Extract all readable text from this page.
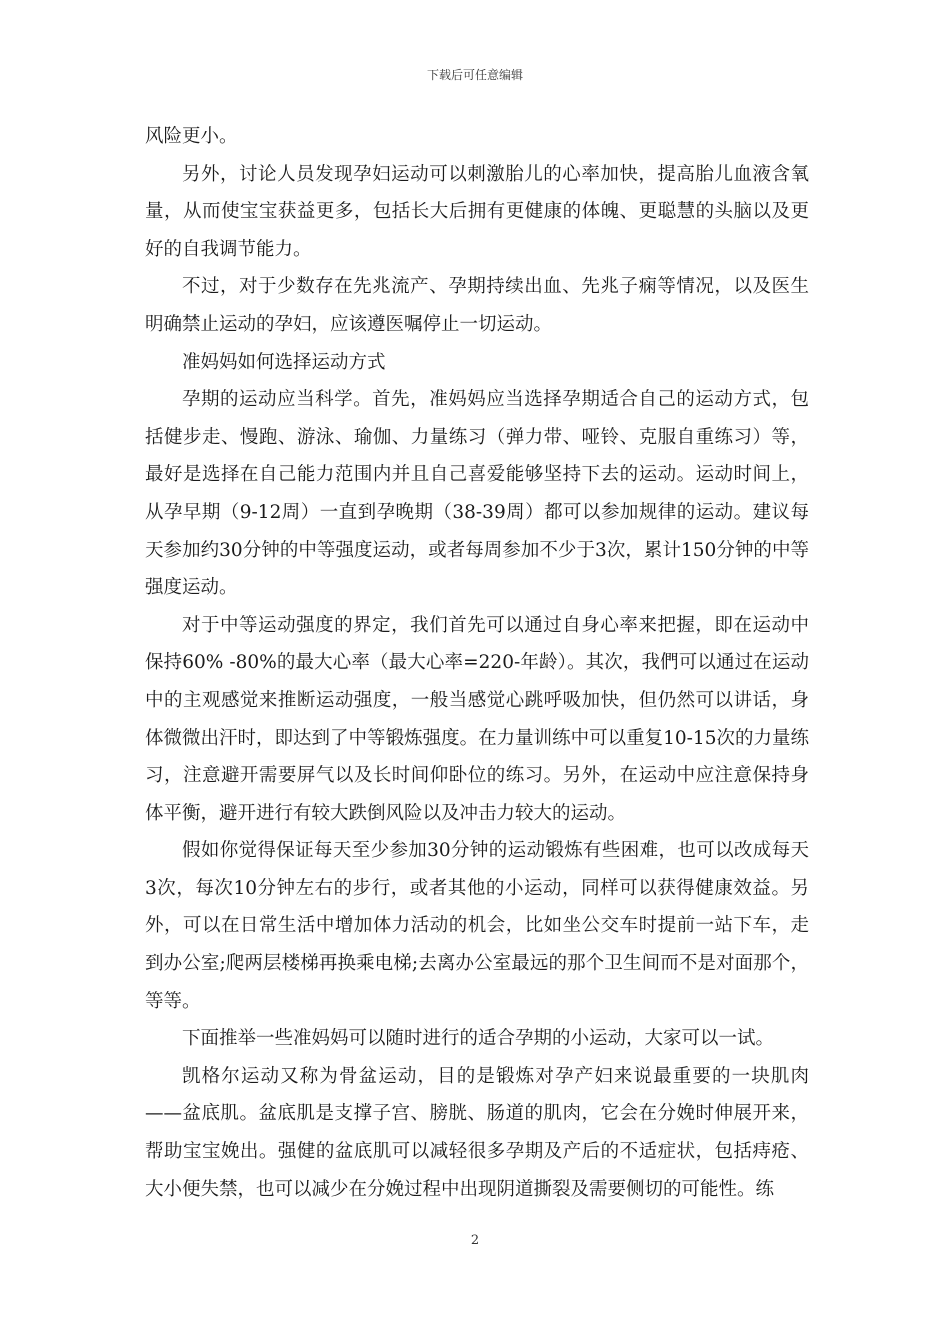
下载后可任意编辑

风险更小。

另外，讨论人员发现孕妇运动可以刺激胎儿的心率加快，提高胎儿血液含氧量，从而使宝宝获益更多，包括长大后拥有更健康的体魄、更聪慧的头脑以及更好的自我调节能力。

不过，对于少数存在先兆流产、孕期持续出血、先兆子痫等情况，以及医生明确禁止运动的孕妇，应该遵医嘱停止一切运动。

准妈妈如何选择运动方式

孕期的运动应当科学。首先，准妈妈应当选择孕期适合自己的运动方式，包括健步走、慢跑、游泳、瑜伽、力量练习（弹力带、哑铃、克服自重练习）等，最好是选择在自己能力范围内并且自己喜爱能够坚持下去的运动。运动时间上，从孕早期（9-12周）一直到孕晚期（38-39周）都可以参加规律的运动。建议每天参加约30分钟的中等强度运动，或者每周参加不少于3次，累计150分钟的中等强度运动。

对于中等运动强度的界定，我们首先可以通过自身心率来把握，即在运动中保持60% -80%的最大心率（最大心率=220-年龄）。其次，我們可以通过在运动中的主观感觉来推断运动强度，一般当感觉心跳呼吸加快，但仍然可以讲话，身体微微出汗时，即达到了中等锻炼强度。在力量训练中可以重复10-15次的力量练习，注意避开需要屏气以及长时间仰卧位的练习。另外，在运动中应注意保持身体平衡，避开进行有较大跌倒风险以及冲击力较大的运动。

假如你觉得保证每天至少参加30分钟的运动锻炼有些困难，也可以改成每天3次，每次10分钟左右的步行，或者其他的小运动，同样可以获得健康效益。另外，可以在日常生活中增加体力活动的机会，比如坐公交车时提前一站下车，走到办公室;爬两层楼梯再换乘电梯;去离办公室最远的那个卫生间而不是对面那个，等等。

下面推举一些准妈妈可以随时进行的适合孕期的小运动，大家可以一试。

凯格尔运动又称为骨盆运动，目的是锻炼对孕产妇来说最重要的一块肌肉——盆底肌。盆底肌是支撑子宫、膀胱、肠道的肌肉，它会在分娩时伸展开来，帮助宝宝娩出。强健的盆底肌可以减轻很多孕期及产后的不适症状，包括痔疮、大小便失禁，也可以减少在分娩过程中出现阴道撕裂及需要侧切的可能性。练

2
